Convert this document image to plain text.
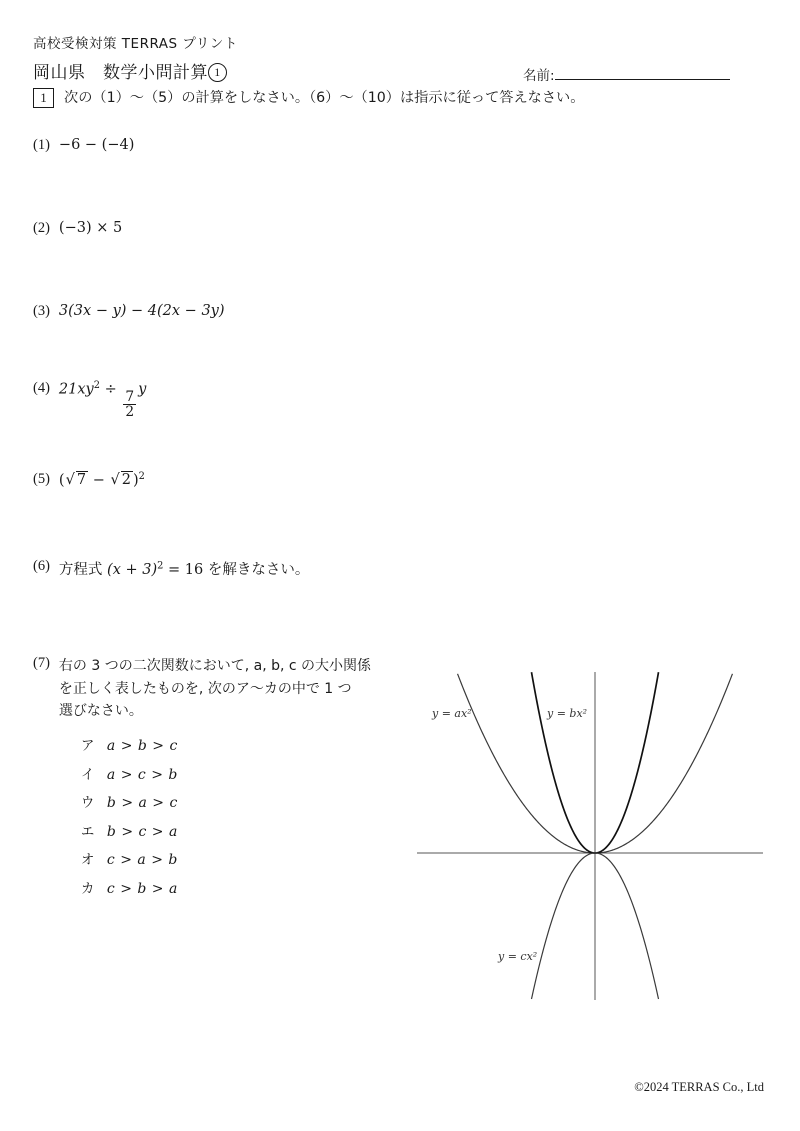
高校受検対策 TERRAS プリント
岡山県　数学小問計算 1	名前:
1	次の（1）〜（5）の計算をしなさい。（6）〜（10）は指示に従って答えなさい。
(1) −6 − (−4)
(2) (−3) × 5
(3) 3(3x − y) − 4(2x − 3y)
(4) $21xy^2$ ÷
$\frac{7}{2}$
y
(5) (√ 7 − √ 2 )$^2$
(6) 方程式 $(x + 3)^2 = 16$ を解きなさい。
(7) 右の 3 つの二次関数において, a, b, c の大小関係
を正しく表したものを, 次のア〜カの中で 1 つ
選びなさい。
ア a > b > c
イ a > c > b
ウ b > a > c
エ b > c > a
オ c > a > b
カ c > b > a
y = ax²	y = bx²
y = cx²
©2024 TERRAS Co., Ltd
